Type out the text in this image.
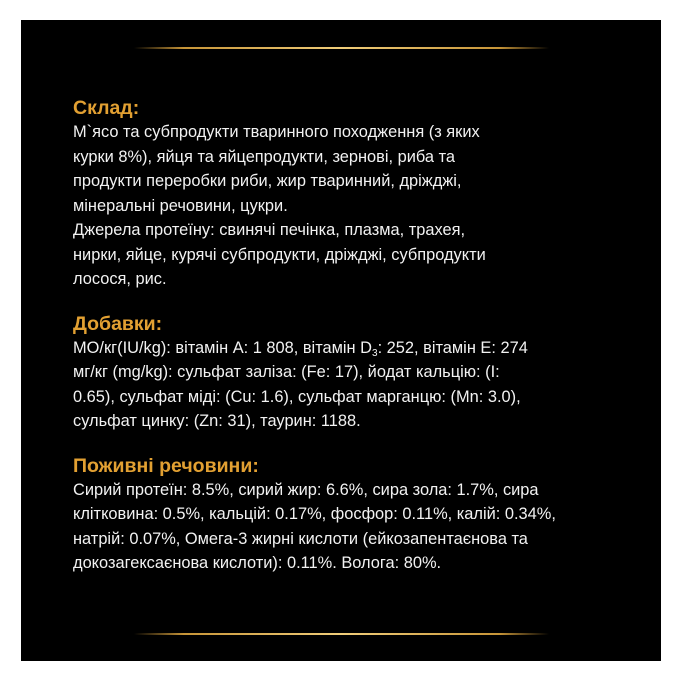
Склад:

М`ясо та субпродукти тваринного походження (з яких
курки 8%), яйця та яйцепродукти, зернові, риба та
продукти переробки риби, жир тваринний, дріжджі,
мінеральні речовини, цукри.
Джерела протеїну: свинячі печінка, плазма, трахея,
нирки, яйце, курячі субпродукти, дріжджі, субпродукти
лосося, рис.

Добавки:

МО/кг(IU/kg): вітамін А: 1 808, вітамін $D_3$: 252, вітамін Е: 274
мг/кг (mg/kg): сульфат заліза: (Fe: 17), йодат кальцію: (I:
0.65), сульфат міді: (Cu: 1.6), сульфат марганцю: (Mn: 3.0),
сульфат цинку: (Zn: 31), таурин: 1188.

Поживні речовини:

Сирий протеїн: 8.5%, сирий жир: 6.6%, сира зола: 1.7%, сира
клітковина: 0.5%, кальцій: 0.17%, фосфор: 0.11%, калій: 0.34%,
натрій: 0.07%, Омега-3 жирні кислоти (ейкозапентаєнова та
докозагексаєнова кислоти): 0.11%. Волога: 80%.
